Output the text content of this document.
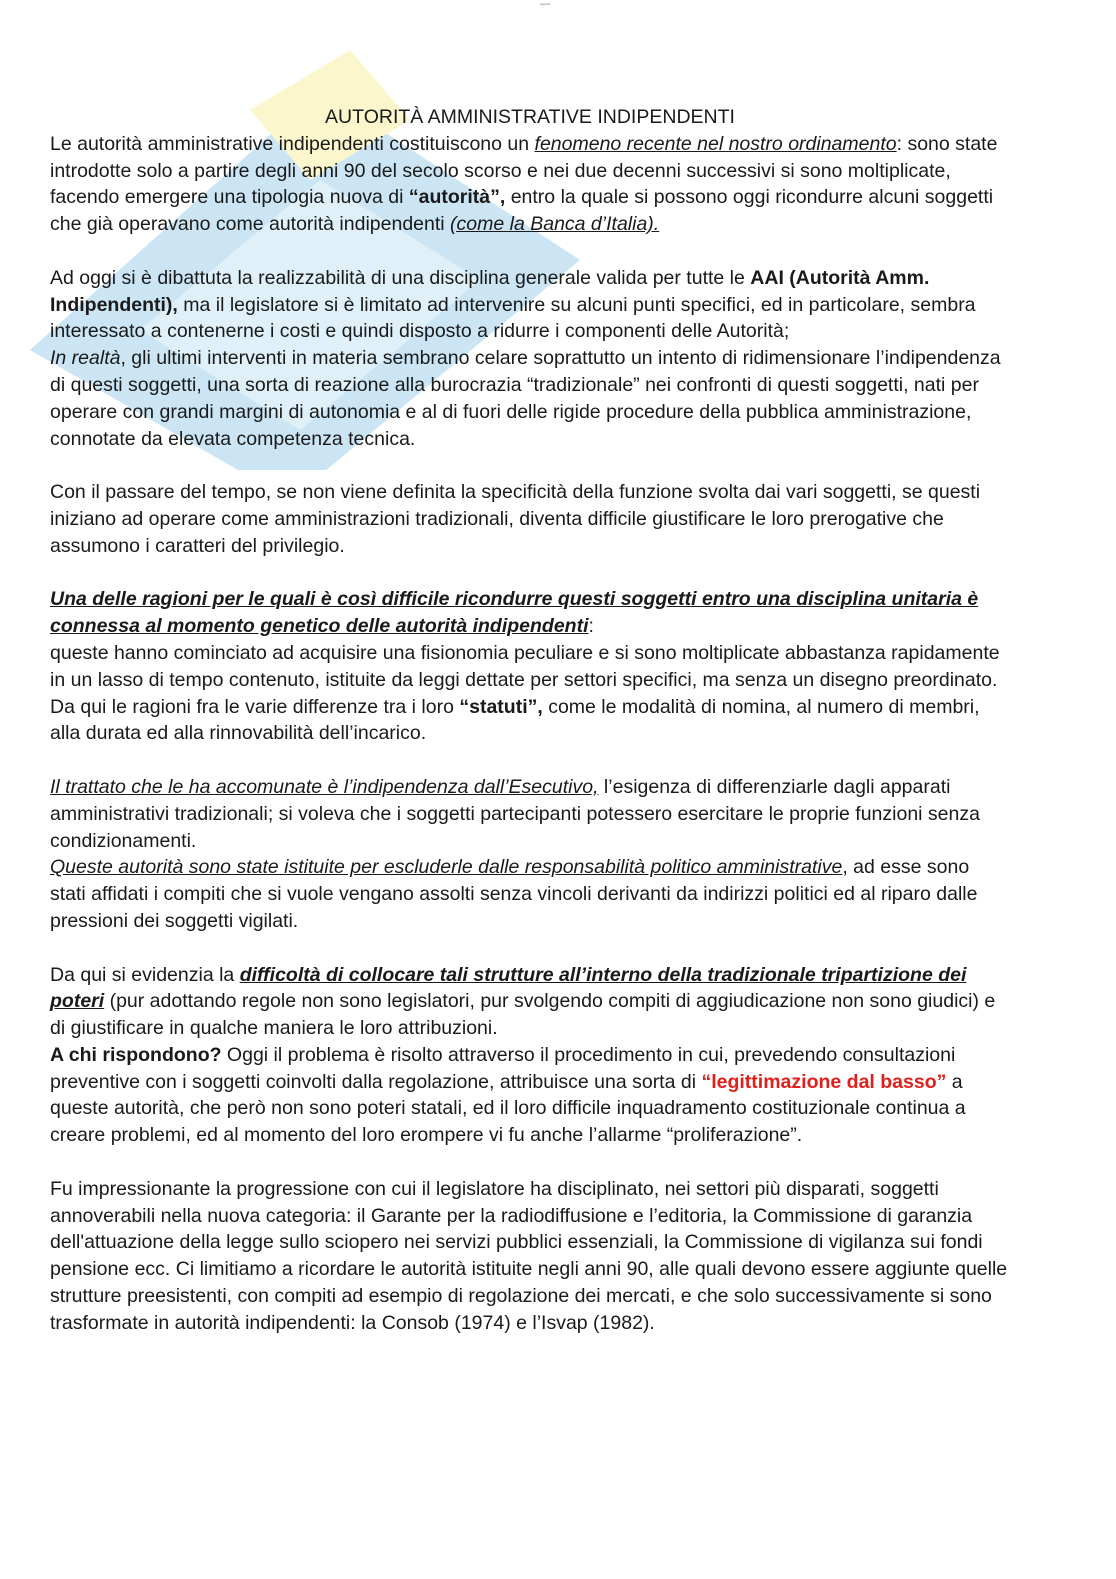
Appunti
AUTORITÀ AMMINISTRATIVE INDIPENDENTI

Le autorità amministrative indipendenti costituiscono un fenomeno recente nel nostro ordinamento: sono state introdotte solo a partire degli anni 90 del secolo scorso e nei due decenni successivi si sono moltiplicate, facendo emergere una tipologia nuova di “autorità”, entro la quale si possono oggi ricondurre alcuni soggetti che già operavano come autorità indipendenti (come la Banca d’Italia).

Ad oggi si è dibattuta la realizzabilità di una disciplina generale valida per tutte le AAI (Autorità Amm. Indipendenti), ma il legislatore si è limitato ad intervenire su alcuni punti specifici, ed in particolare, sembra interessato a contenerne i costi e quindi disposto a ridurre i componenti delle Autorità;

In realtà, gli ultimi interventi in materia sembrano celare soprattutto un intento di ridimensionare l’indipendenza di questi soggetti, una sorta di reazione alla burocrazia “tradizionale” nei confronti di questi soggetti, nati per operare con grandi margini di autonomia e al di fuori delle rigide procedure della pubblica amministrazione, connotate da elevata competenza tecnica.

Con il passare del tempo, se non viene definita la specificità della funzione svolta dai vari soggetti, se questi iniziano ad operare come amministrazioni tradizionali, diventa difficile giustificare le loro prerogative che assumono i caratteri del privilegio.

Una delle ragioni per le quali è così difficile ricondurre questi soggetti entro una disciplina unitaria è connessa al momento genetico delle autorità indipendenti:
queste hanno cominciato ad acquisire una fisionomia peculiare e si sono moltiplicate abbastanza rapidamente in un lasso di tempo contenuto, istituite da leggi dettate per settori specifici, ma senza un disegno preordinato. Da qui le ragioni fra le varie differenze tra i loro “statuti”, come le modalità di nomina, al numero di membri, alla durata ed alla rinnovabilità dell’incarico.

Il trattato che le ha accomunate è l’indipendenza dall’Esecutivo, l’esigenza di differenziarle dagli apparati amministrativi tradizionali; si voleva che i soggetti partecipanti potessero esercitare le proprie funzioni senza condizionamenti.

Queste autorità sono state istituite per escluderle dalle responsabilità politico amministrative, ad esse sono stati affidati i compiti che si vuole vengano assolti senza vincoli derivanti da indirizzi politici ed al riparo dalle pressioni dei soggetti vigilati.

Da qui si evidenzia la difficoltà di collocare tali strutture all’interno della tradizionale tripartizione dei poteri (pur adottando regole non sono legislatori, pur svolgendo compiti di aggiudicazione non sono giudici) e di giustificare in qualche maniera le loro attribuzioni.

A chi rispondono? Oggi il problema è risolto attraverso il procedimento in cui, prevedendo consultazioni preventive con i soggetti coinvolti dalla regolazione, attribuisce una sorta di “legittimazione dal basso” a queste autorità, che però non sono poteri statali, ed il loro difficile inquadramento costituzionale continua a creare problemi, ed al momento del loro erompere vi fu anche l’allarme “proliferazione”.

Fu impressionante la progressione con cui il legislatore ha disciplinato, nei settori più disparati, soggetti annoverabili nella nuova categoria: il Garante per la radiodiffusione e l’editoria, la Commissione di garanzia dell'attuazione della legge sullo sciopero nei servizi pubblici essenziali, la Commissione di vigilanza sui fondi pensione ecc. Ci limitiamo a ricordare le autorità istituite negli anni 90, alle quali devono essere aggiunte quelle strutture preesistenti, con compiti ad esempio di regolazione dei mercati, e che solo successivamente si sono trasformate in autorità indipendenti: la Consob (1974) e l’Isvap (1982).
